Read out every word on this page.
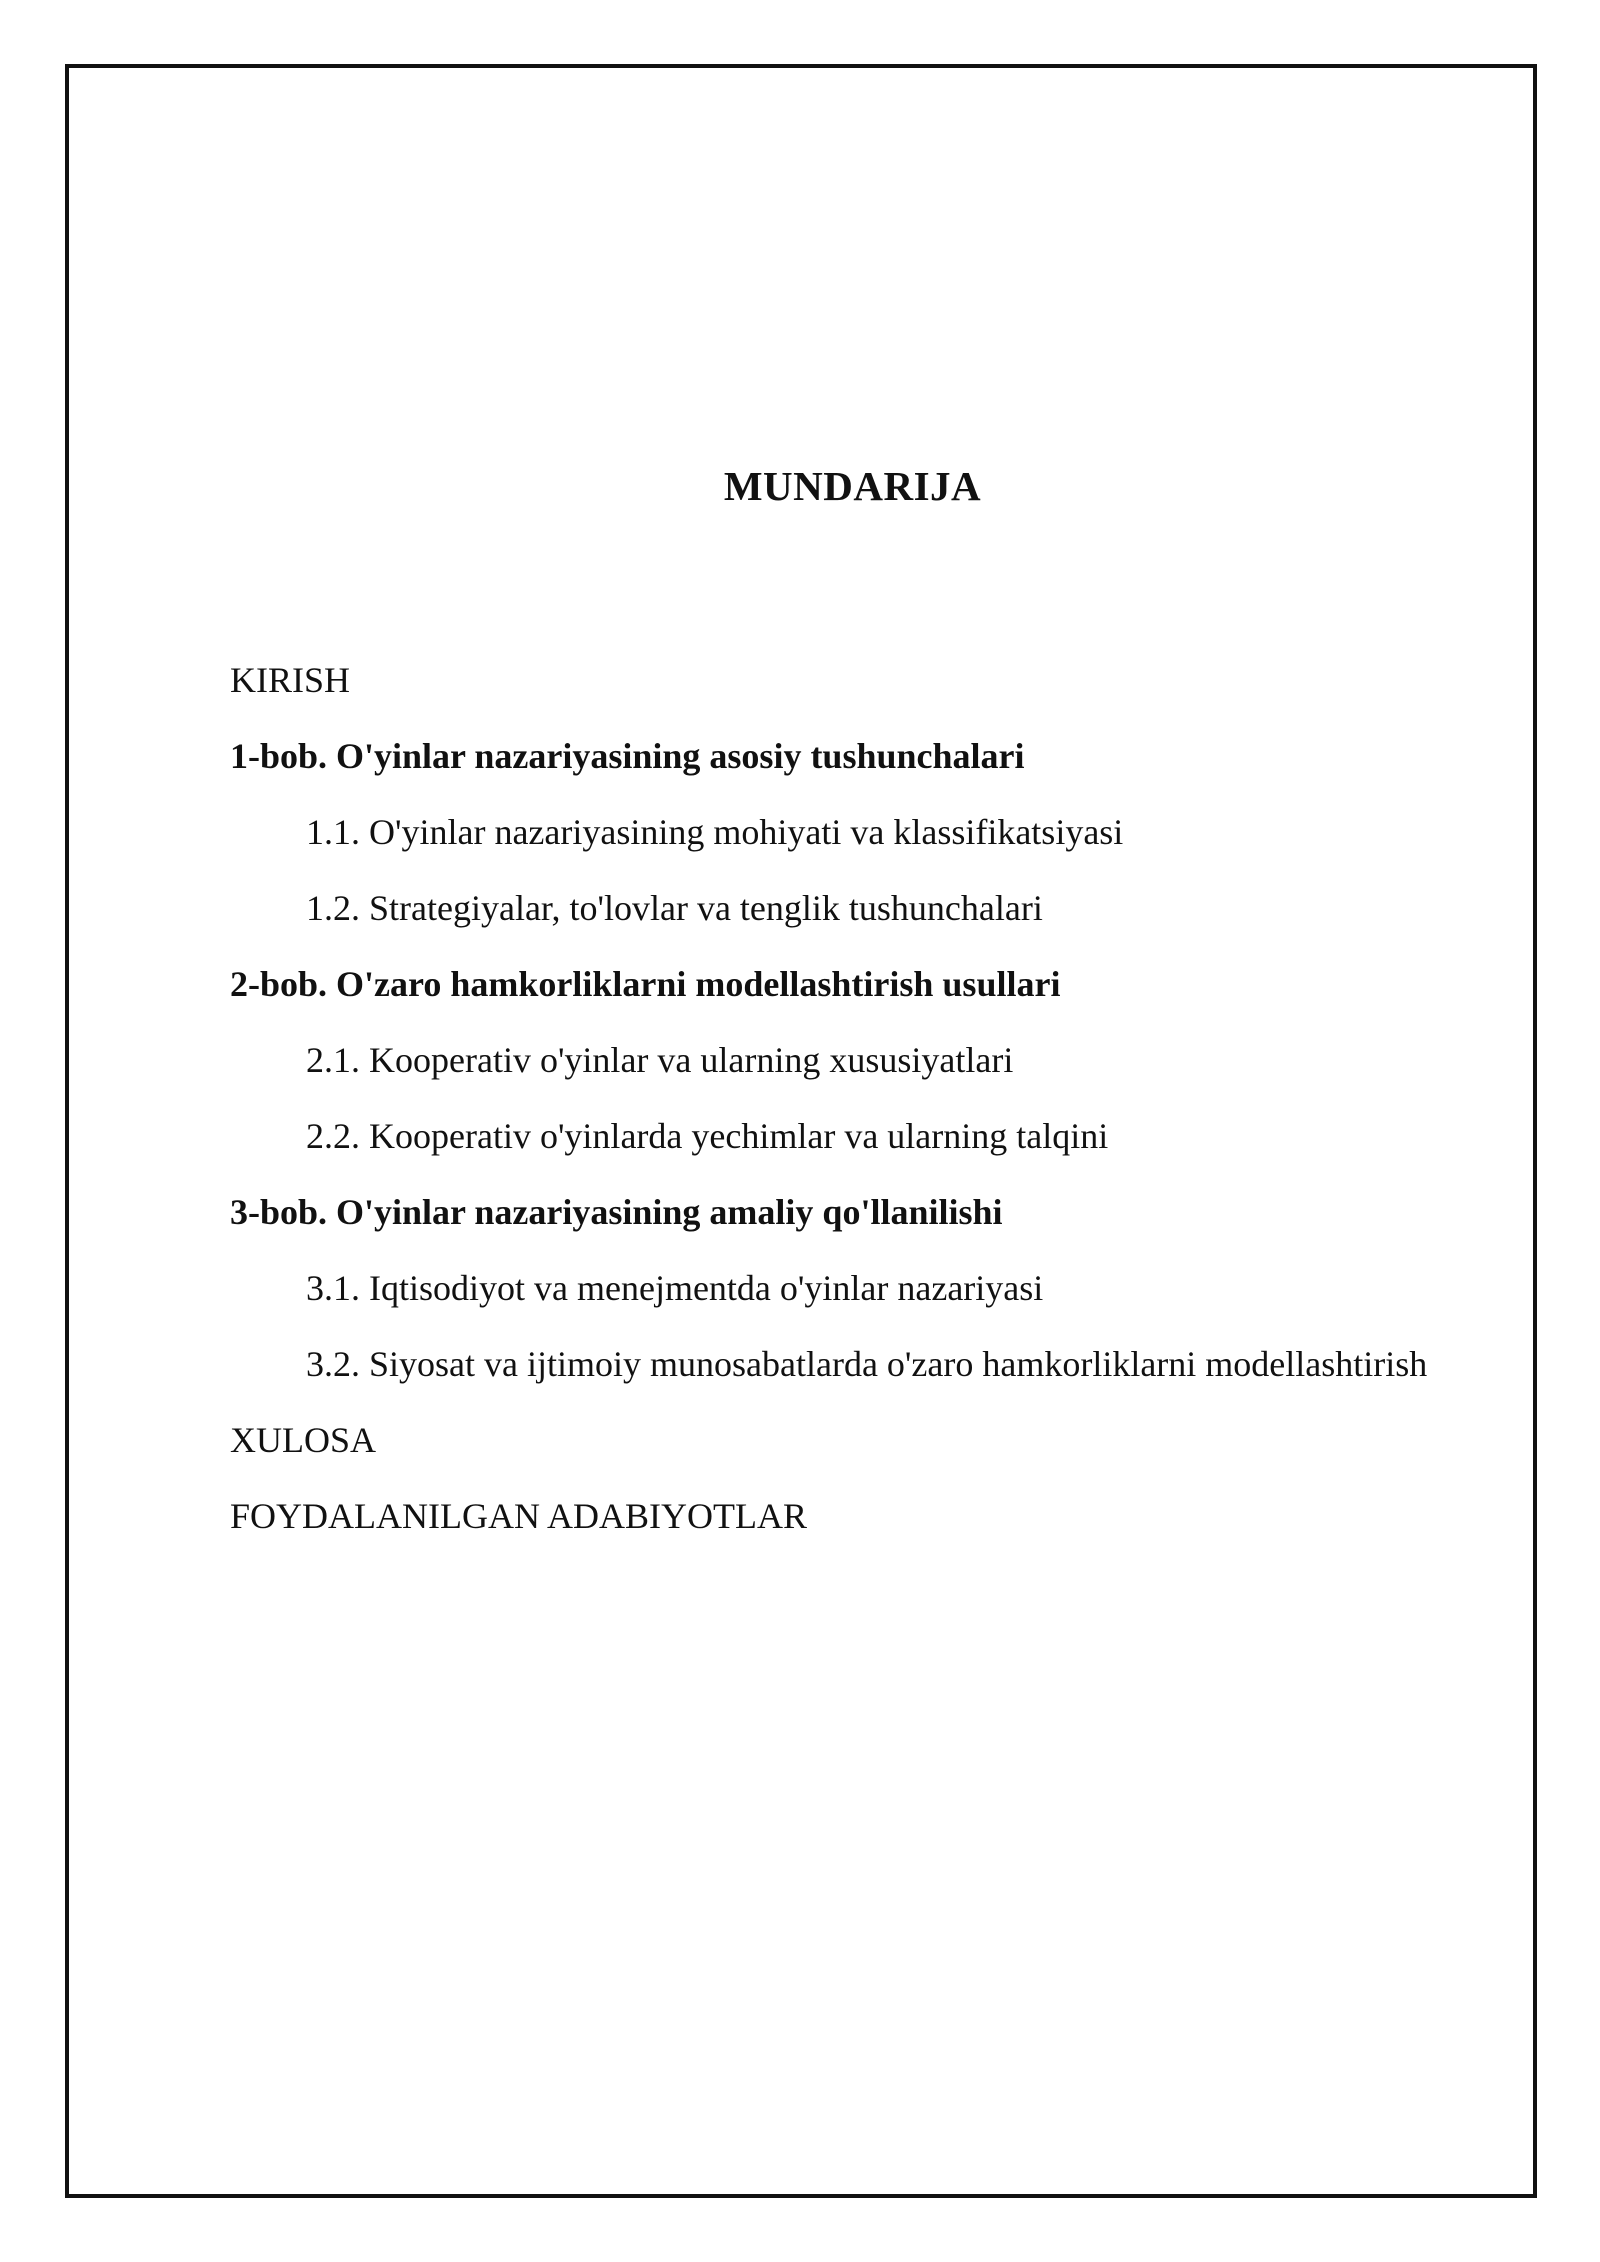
MUNDARIJA
KIRISH
1-bob. O'yinlar nazariyasining asosiy tushunchalari
1.1. O'yinlar nazariyasining mohiyati va klassifikatsiyasi
1.2. Strategiyalar, to'lovlar va tenglik tushunchalari
2-bob. O'zaro hamkorliklarni modellashtirish usullari
2.1. Kooperativ o'yinlar va ularning xususiyatlari
2.2. Kooperativ o'yinlarda yechimlar va ularning talqini
3-bob. O'yinlar nazariyasining amaliy qo'llanilishi
3.1. Iqtisodiyot va menejmentda o'yinlar nazariyasi
3.2. Siyosat va ijtimoiy munosabatlarda o'zaro hamkorliklarni modellashtirish
XULOSA
FOYDALANILGAN ADABIYOTLAR
